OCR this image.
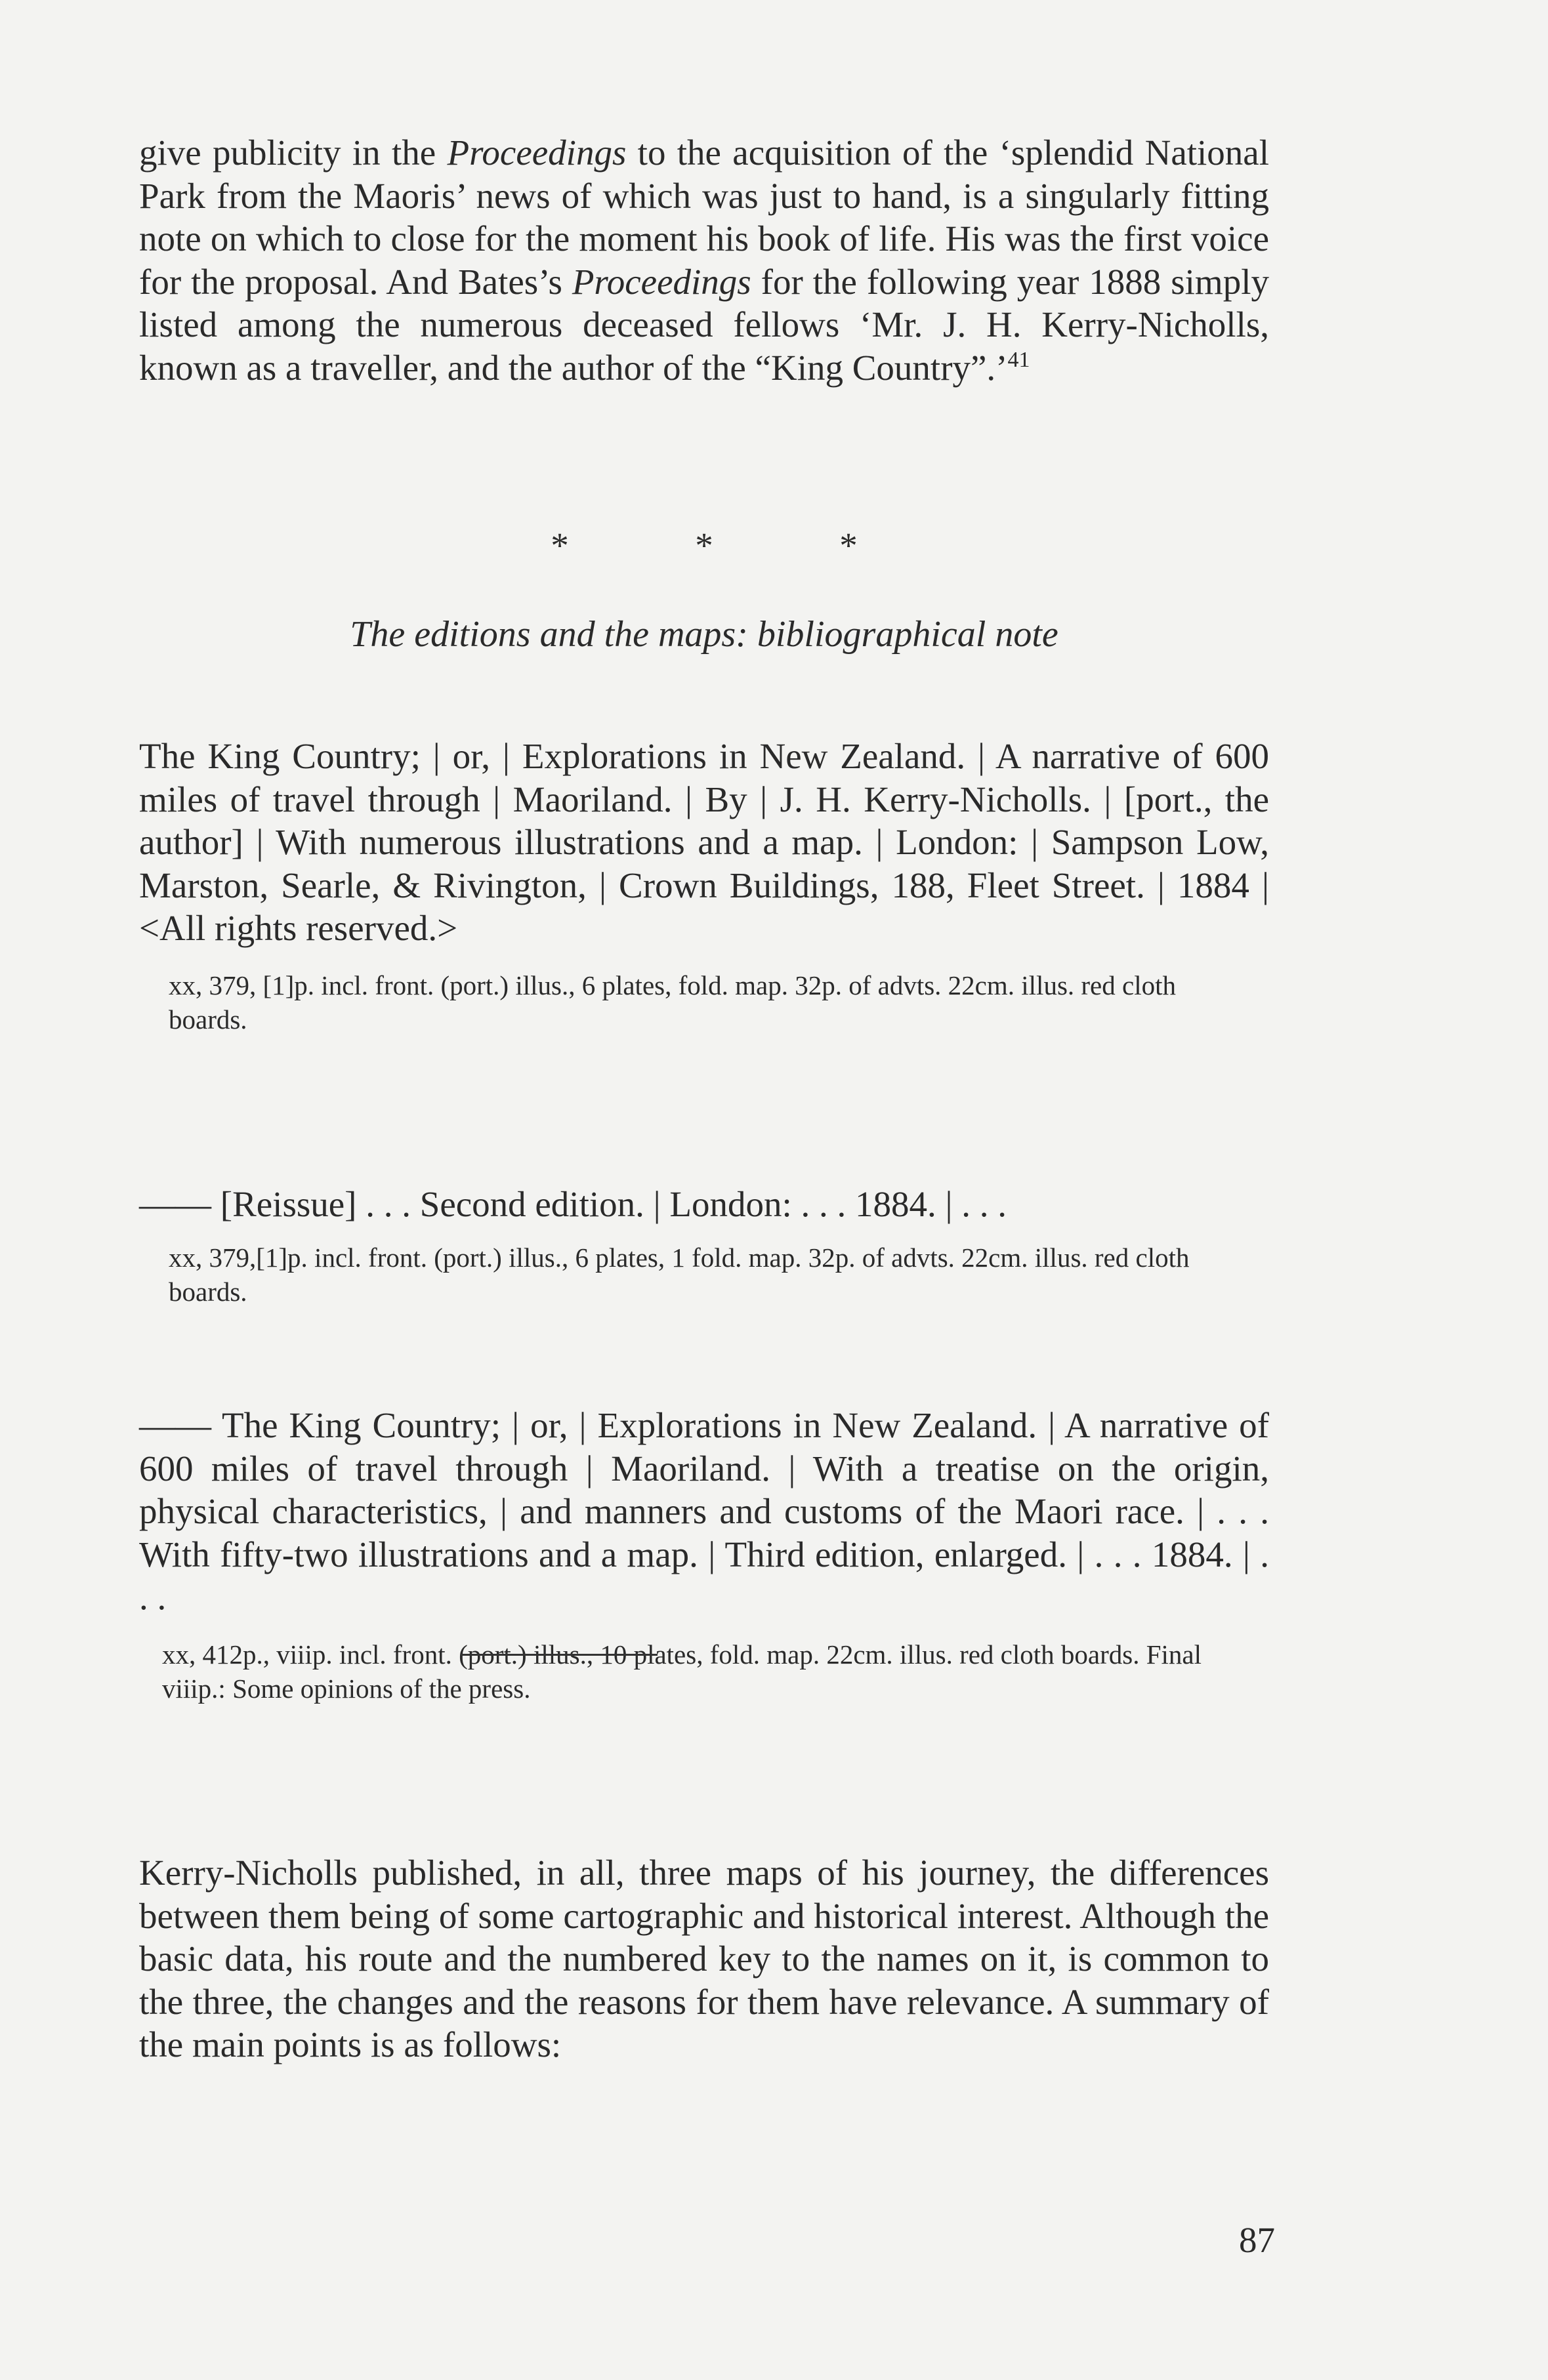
give publicity in the Proceedings to the acquisition of the ‘splendid National Park from the Maoris’ news of which was just to hand, is a singularly fitting note on which to close for the moment his book of life. His was the first voice for the proposal. And Bates’s Proceedings for the following year 1888 simply listed among the numerous deceased fellows ‘Mr. J. H. Kerry-Nicholls, known as a traveller, and the author of the “King Country”.’$^{41}$

*	*	*
The editions and the maps: bibliographical note

The King Country; | or, | Explorations in New Zealand. | A narrative of 600 miles of travel through | Maoriland. | By | J. H. Kerry-Nicholls. | [port., the author] | With numerous illustrations and a map. | London: | Sampson Low, Marston, Searle, & Rivington, | Crown Buildings, 188, Fleet Street. | 1884 | <All rights reserved.>

xx, 379, [1]p. incl. front. (port.) illus., 6 plates, fold. map. 32p. of advts. 22cm. illus. red cloth boards.

—— [Reissue] . . . Second edition. | London: . . . 1884. | . . .

xx, 379,[1]p. incl. front. (port.) illus., 6 plates, 1 fold. map. 32p. of advts. 22cm. illus. red cloth boards.

—— The King Country; | or, | Explorations in New Zealand. | A narrative of 600 miles of travel through | Maoriland. | With a treatise on the origin, physical characteristics, | and manners and customs of the Maori race. | . . . With fifty-two illustrations and a map. | Third edition, enlarged. | . . . 1884. | . . .

xx, 412p., viiip. incl. front. (port.) illus., 10 plates, fold. map. 22cm. illus. red cloth boards. Final viiip.: Some opinions of the press.

Kerry-Nicholls published, in all, three maps of his journey, the differences between them being of some cartographic and historical interest. Although the basic data, his route and the numbered key to the names on it, is common to the three, the changes and the reasons for them have relevance. A summary of the main points is as follows:

87
